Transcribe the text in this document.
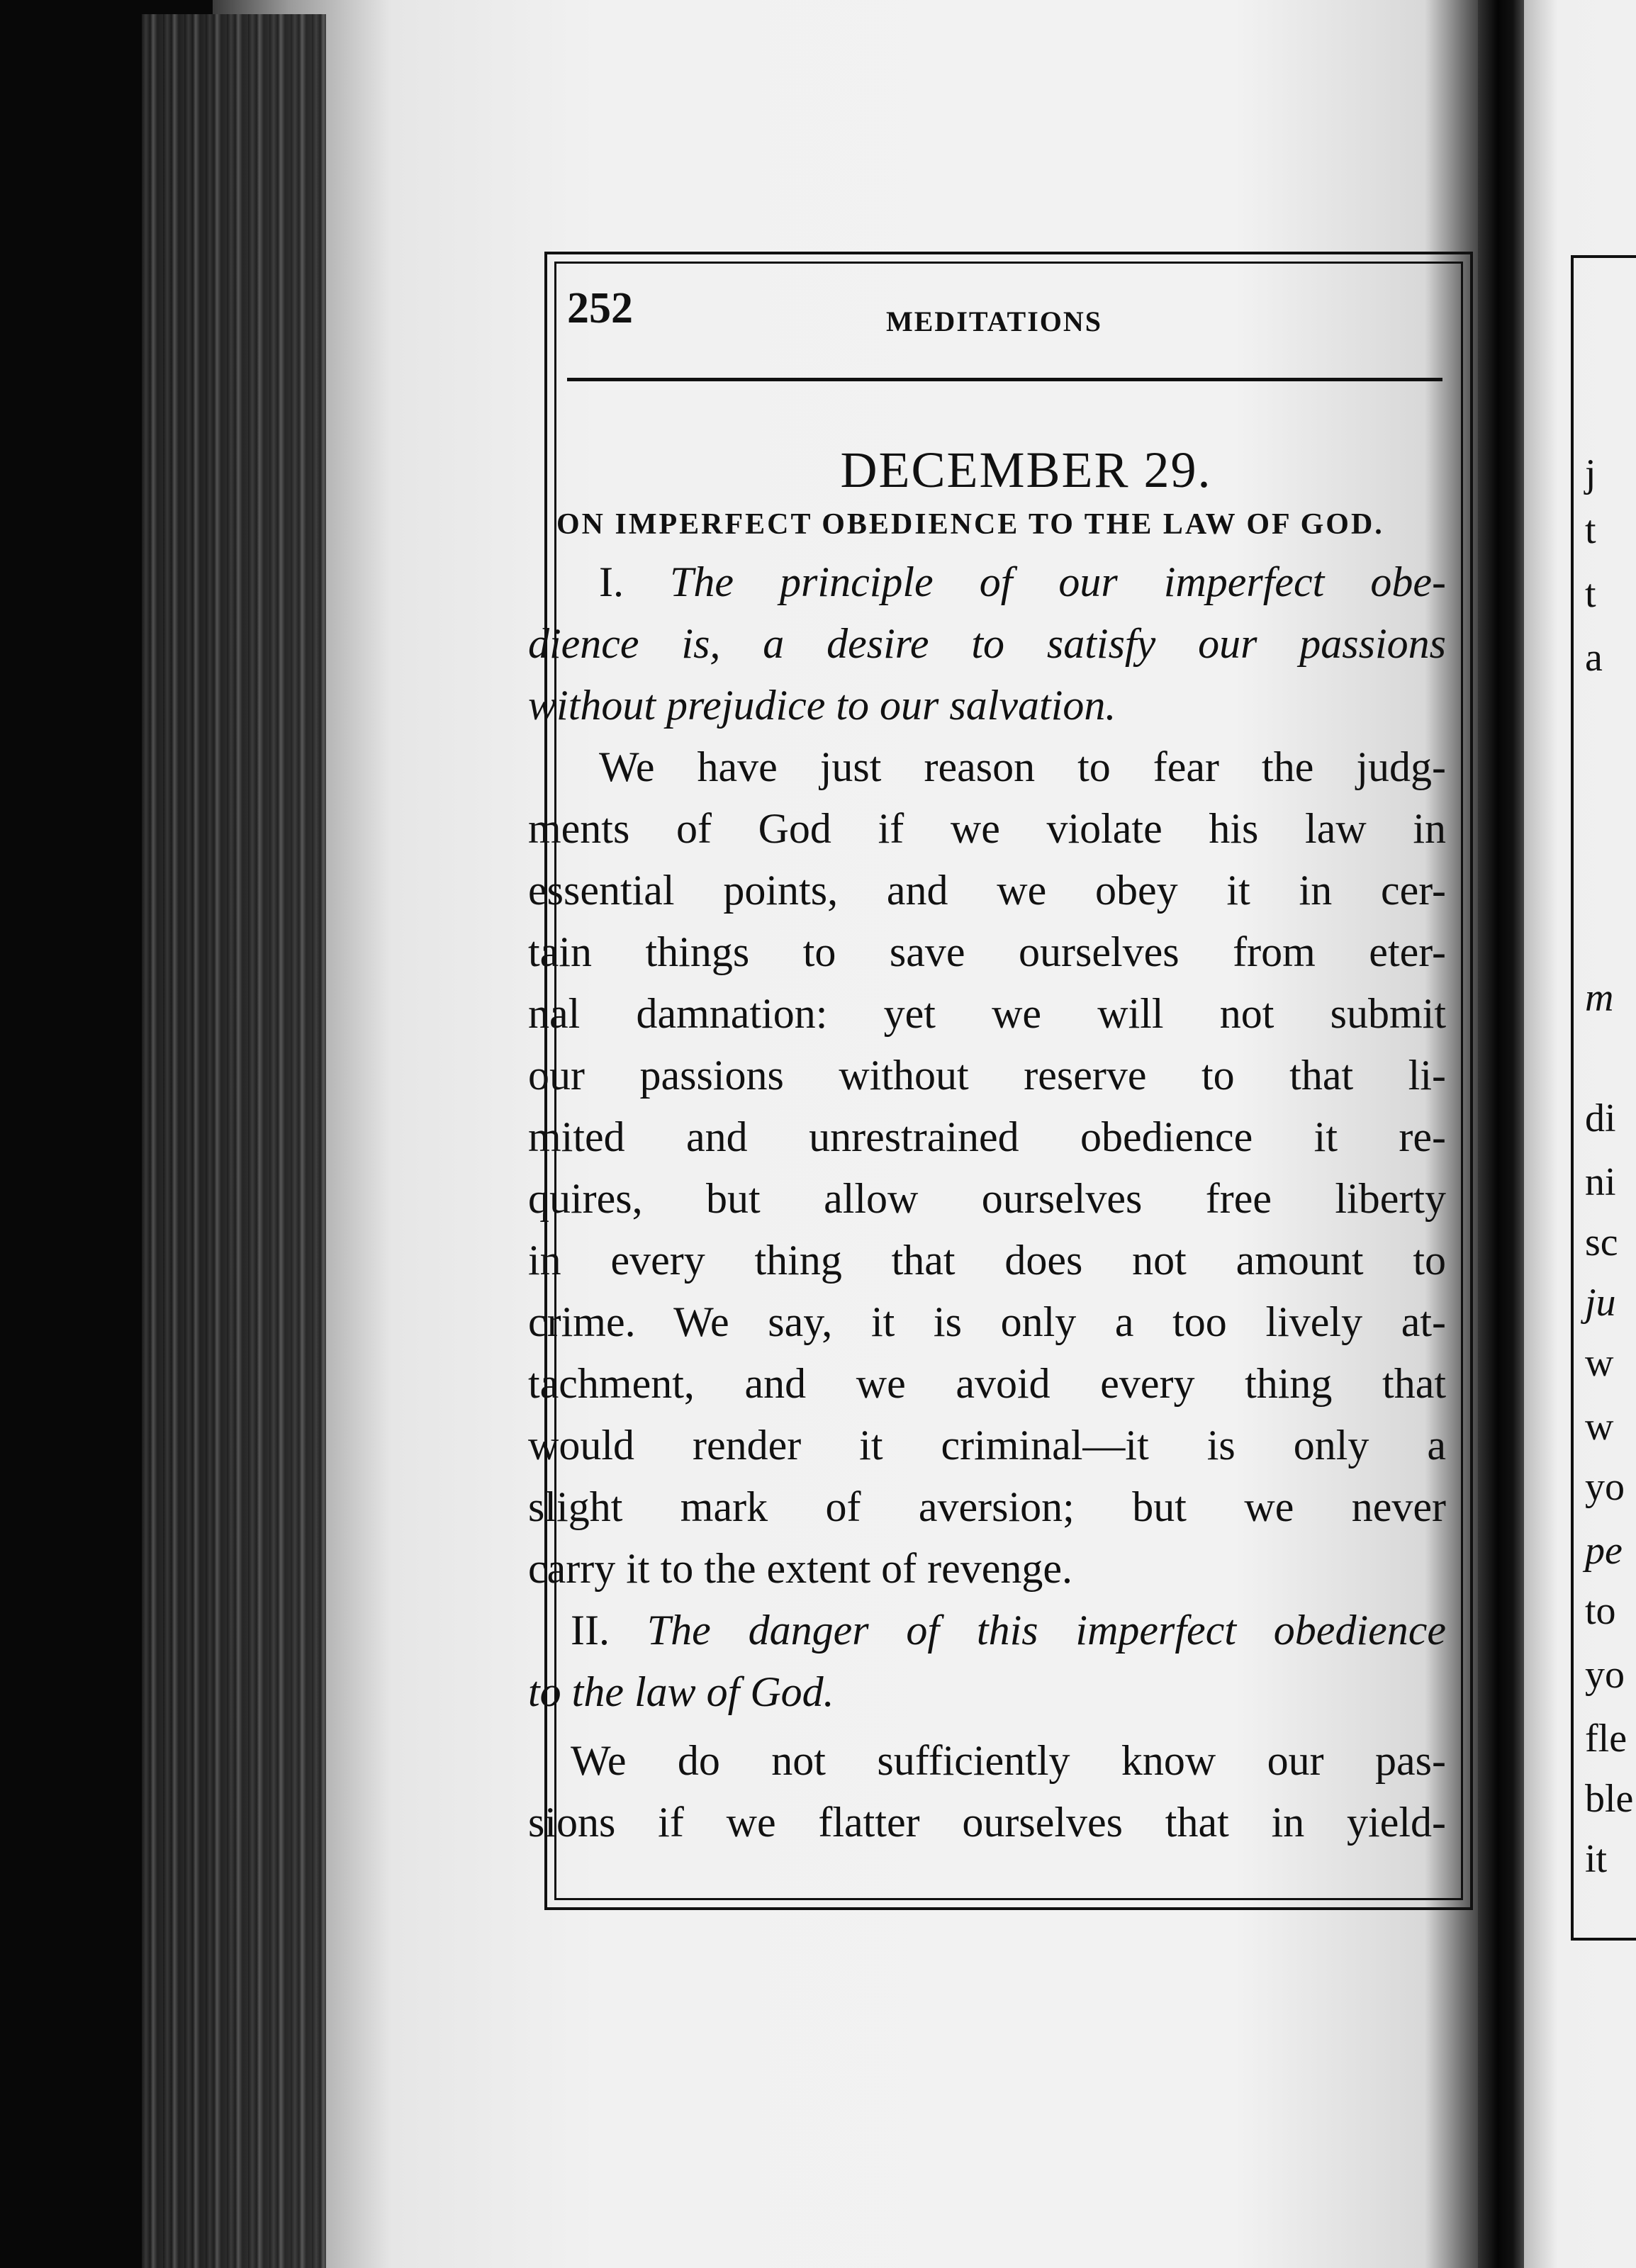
j
t
t
a
m
di
ni
sc
ju
w
w
yo
pe
to
yo
fle
ble
it
252	MEDITATIONS
DECEMBER 29.
ON IMPERFECT OBEDIENCE TO THE LAW OF GOD.
I. The principle of our imperfect obe-
dience is, a desire to satisfy our passions
without prejudice to our salvation.
We have just reason to fear the judg-
ments of God if we violate his law in
essential points, and we obey it in cer-
tain things to save ourselves from eter-
nal damnation: yet we will not submit
our passions without reserve to that li-
mited and unrestrained obedience it re-
quires, but allow ourselves free liberty
in every thing that does not amount to
crime. We say, it is only a too lively at-
tachment, and we avoid every thing that
would render it criminal—it is only a
slight mark of aversion; but we never
carry it to the extent of revenge.
II. The danger of this imperfect obedience
to the law of God.
We do not sufficiently know our pas-
sions if we flatter ourselves that in yield-
